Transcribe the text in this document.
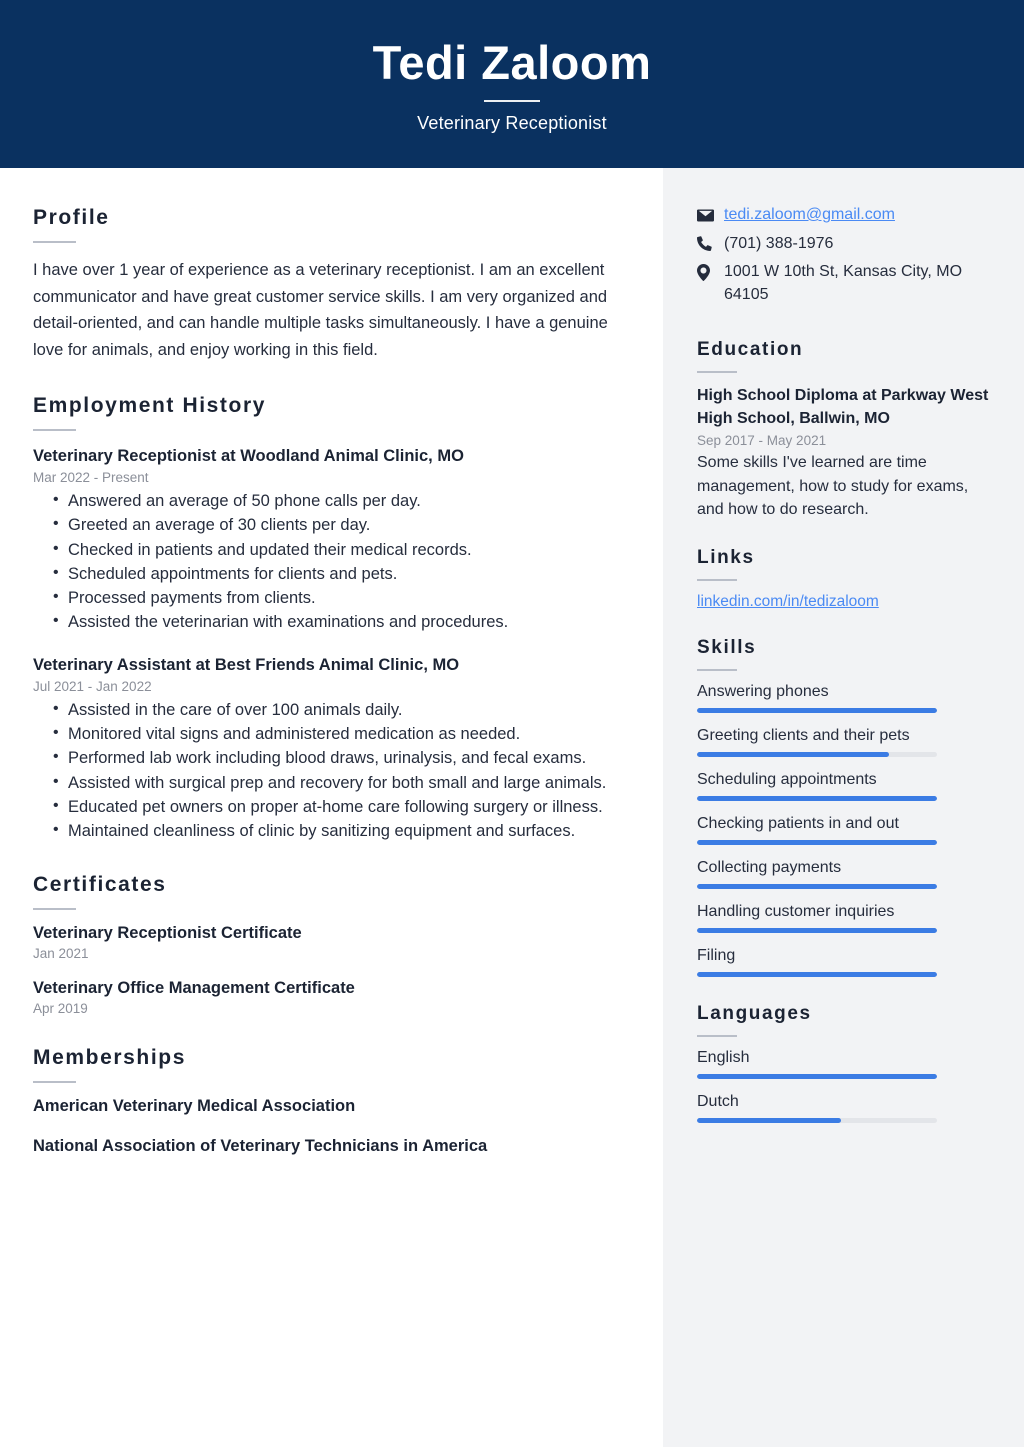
Tedi Zaloom
Veterinary Receptionist
Profile
I have over 1 year of experience as a veterinary receptionist. I am an excellent communicator and have great customer service skills. I am very organized and detail-oriented, and can handle multiple tasks simultaneously. I have a genuine love for animals, and enjoy working in this field.
Employment History
Veterinary Receptionist at Woodland Animal Clinic, MO
Mar 2022 - Present
• Answered an average of 50 phone calls per day.
• Greeted an average of 30 clients per day.
• Checked in patients and updated their medical records.
• Scheduled appointments for clients and pets.
• Processed payments from clients.
• Assisted the veterinarian with examinations and procedures.
Veterinary Assistant at Best Friends Animal Clinic, MO
Jul 2021 - Jan 2022
• Assisted in the care of over 100 animals daily.
• Monitored vital signs and administered medication as needed.
• Performed lab work including blood draws, urinalysis, and fecal exams.
• Assisted with surgical prep and recovery for both small and large animals.
• Educated pet owners on proper at-home care following surgery or illness.
• Maintained cleanliness of clinic by sanitizing equipment and surfaces.
Certificates
Veterinary Receptionist Certificate
Jan 2021
Veterinary Office Management Certificate
Apr 2019
Memberships
American Veterinary Medical Association
National Association of Veterinary Technicians in America
tedi.zaloom@gmail.com
(701) 388-1976
1001 W 10th St, Kansas City, MO 64105
Education
High School Diploma at Parkway West High School, Ballwin, MO
Sep 2017 - May 2021
Some skills I've learned are time management, how to study for exams, and how to do research.
Links
linkedin.com/in/tedizaloom
Skills
Answering phones
Greeting clients and their pets
Scheduling appointments
Checking patients in and out
Collecting payments
Handling customer inquiries
Filing
Languages
English
Dutch
